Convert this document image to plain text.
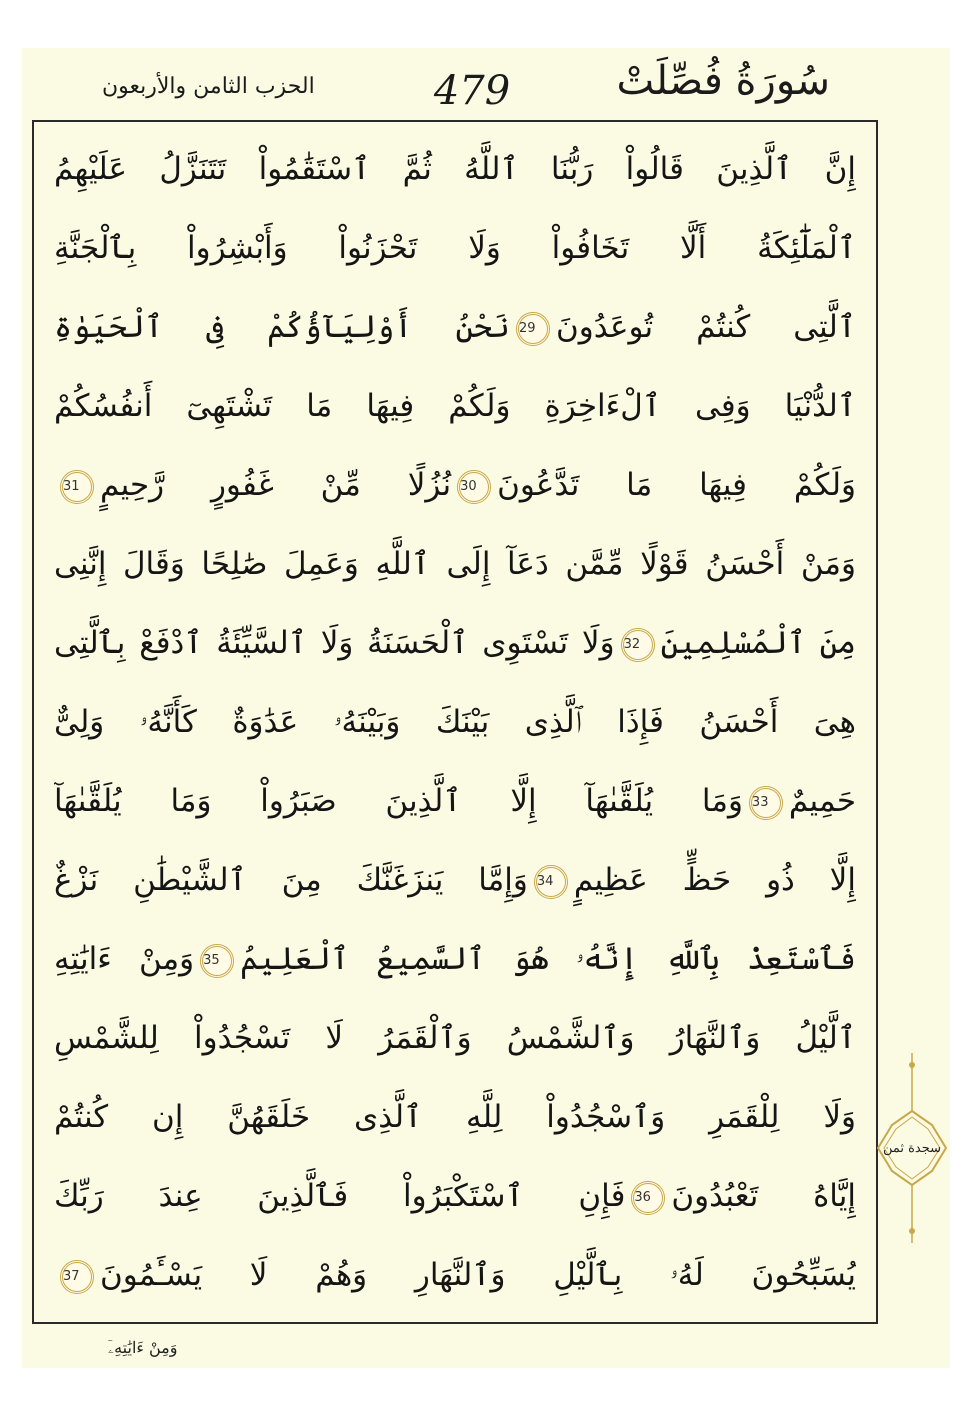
سُورَةُ فُصِّلَتْ
479
الحزب الثامن والأربعون
إِنَّ ٱلَّذِينَ قَالُواْ رَبُّنَا ٱللَّهُ ثُمَّ ٱسْتَقَٰمُواْ تَتَنَزَّلُ عَلَيْهِمُ
ٱلْمَلَٰٓئِكَةُ أَلَّا تَخَافُواْ وَلَا تَحْزَنُواْ وَأَبْشِرُواْ بِٱلْجَنَّةِ
ٱلَّتِى كُنتُمْ تُوعَدُونَ29نَحْنُ أَوْلِيَآؤُكُمْ فِى ٱلْحَيَوٰةِ
ٱلدُّنْيَا وَفِى ٱلْءَاخِرَةِ وَلَكُمْ فِيهَا مَا تَشْتَهِىٓ أَنفُسُكُمْ
وَلَكُمْ فِيهَا مَا تَدَّعُونَ30نُزُلًا مِّنْ غَفُورٍ رَّحِيمٍ31
وَمَنْ أَحْسَنُ قَوْلًا مِّمَّن دَعَآ إِلَى ٱللَّهِ وَعَمِلَ صَٰلِحًا وَقَالَ إِنَّنِى
مِنَ ٱلْمُسْلِمِينَ32وَلَا تَسْتَوِى ٱلْحَسَنَةُ وَلَا ٱلسَّيِّئَةُ ٱدْفَعْ بِٱلَّتِى
هِىَ أَحْسَنُ فَإِذَا ٱلَّذِى بَيْنَكَ وَبَيْنَهُۥ عَدَٰوَةٌ كَأَنَّهُۥ وَلِىٌّ
حَمِيمٌ33وَمَا يُلَقَّىٰهَآ إِلَّا ٱلَّذِينَ صَبَرُواْ وَمَا يُلَقَّىٰهَآ
إِلَّا ذُو حَظٍّ عَظِيمٍ34وَإِمَّا يَنزَغَنَّكَ مِنَ ٱلشَّيْطَٰنِ نَزْغٌ
فَٱسْتَعِذْ بِٱللَّهِ إِنَّهُۥ هُوَ ٱلسَّمِيعُ ٱلْعَلِيمُ35وَمِنْ ءَايَٰتِهِ
ٱلَّيْلُ وَٱلنَّهَارُ وَٱلشَّمْسُ وَٱلْقَمَرُ لَا تَسْجُدُواْ لِلشَّمْسِ
وَلَا لِلْقَمَرِ وَٱسْجُدُواْ لِلَّهِ ٱلَّذِى خَلَقَهُنَّ إِن كُنتُمْ
إِيَّاهُ تَعْبُدُونَ36فَإِنِ ٱسْتَكْبَرُواْ فَٱلَّذِينَ عِندَ رَبِّكَ
يُسَبِّحُونَ لَهُۥ بِٱلَّيْلِ وَٱلنَّهَارِ وَهُمْ لَا يَسْـَٔمُونَ37
سجدة ثمن
وَمِنْ ءَايَٰتِهِۦٓ
